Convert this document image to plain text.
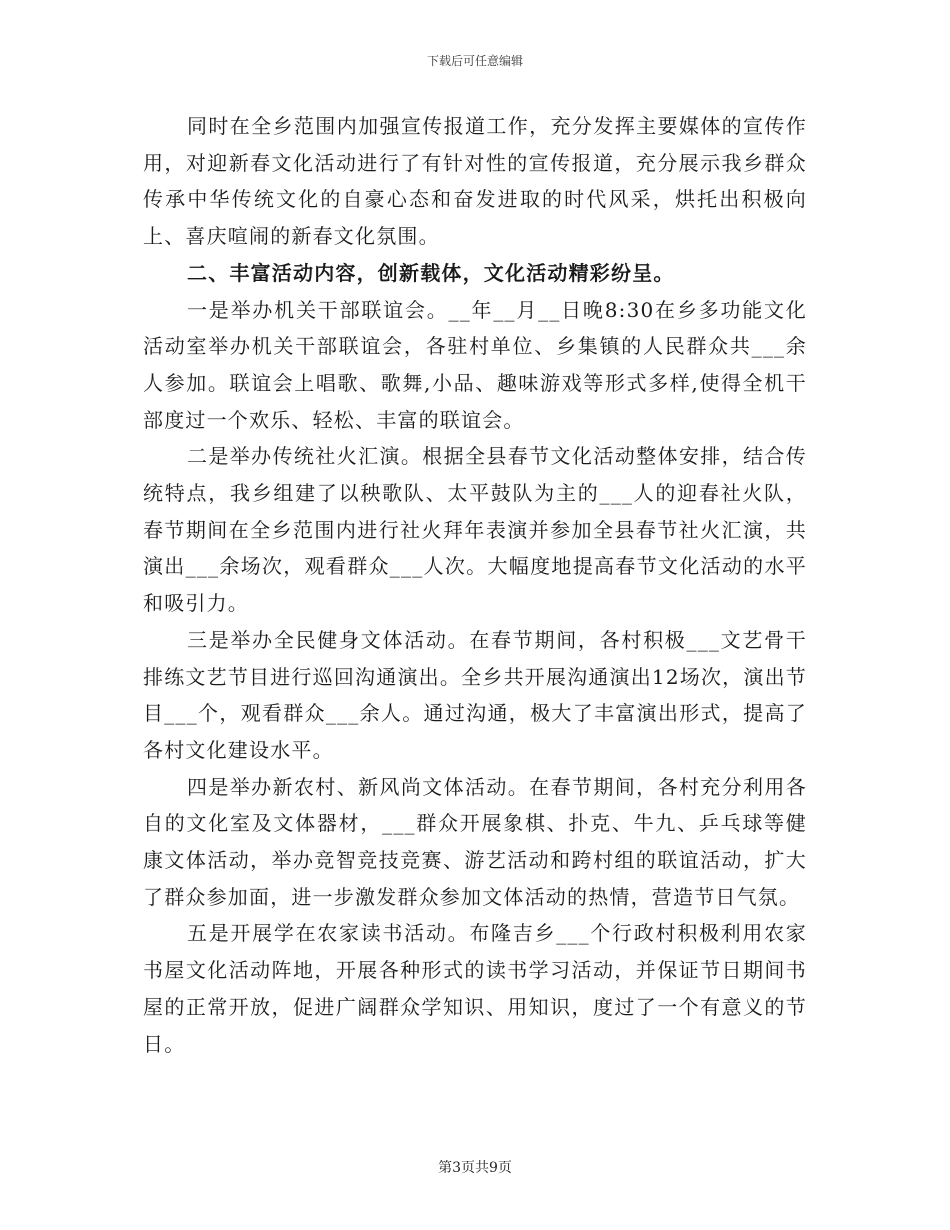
下载后可任意编辑

同时在全乡范围内加强宣传报道工作，充分发挥主要媒体的宣传作用，对迎新春文化活动进行了有针对性的宣传报道，充分展示我乡群众传承中华传统文化的自豪心态和奋发进取的时代风采，烘托出积极向上、喜庆喧闹的新春文化氛围。

二、丰富活动内容，创新载体，文化活动精彩纷呈。

一是举办机关干部联谊会。__年__月__日晚8:30在乡多功能文化活动室举办机关干部联谊会，各驻村单位、乡集镇的人民群众共___余人参加。联谊会上唱歌、歌舞,小品、趣味游戏等形式多样,使得全机干部度过一个欢乐、轻松、丰富的联谊会。

二是举办传统社火汇演。根据全县春节文化活动整体安排，结合传统特点，我乡组建了以秧歌队、太平鼓队为主的___人的迎春社火队，春节期间在全乡范围内进行社火拜年表演并参加全县春节社火汇演，共演出___余场次，观看群众___人次。大幅度地提高春节文化活动的水平和吸引力。

三是举办全民健身文体活动。在春节期间，各村积极___文艺骨干排练文艺节目进行巡回沟通演出。全乡共开展沟通演出12场次，演出节目___个，观看群众___余人。通过沟通，极大了丰富演出形式，提高了各村文化建设水平。

四是举办新农村、新风尚文体活动。在春节期间，各村充分利用各自的文化室及文体器材，___群众开展象棋、扑克、牛九、乒乓球等健康文体活动，举办竞智竞技竞赛、游艺活动和跨村组的联谊活动，扩大了群众参加面，进一步激发群众参加文体活动的热情，营造节日气氛。

五是开展学在农家读书活动。布隆吉乡___个行政村积极利用农家书屋文化活动阵地，开展各种形式的读书学习活动，并保证节日期间书屋的正常开放，促进广阔群众学知识、用知识，度过了一个有意义的节日。

第3页共9页
